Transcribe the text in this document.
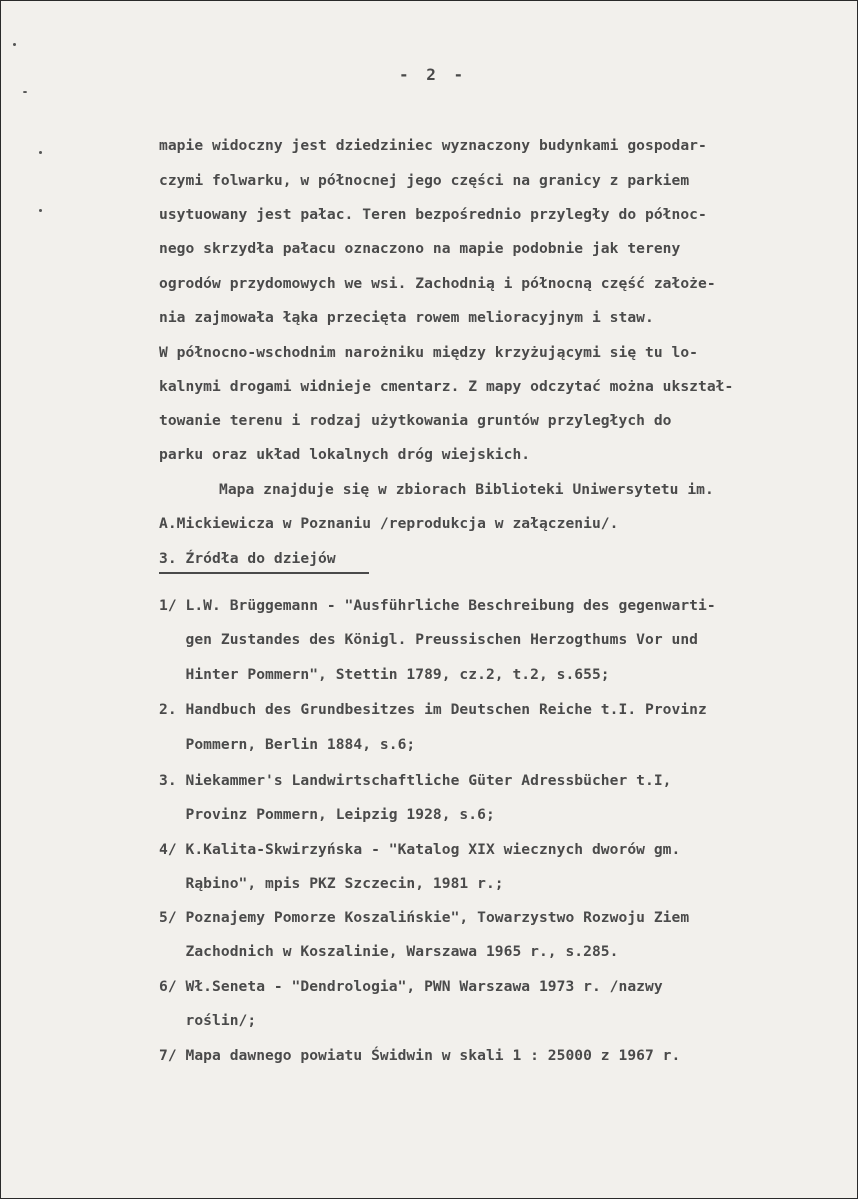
- 2 -
mapie widoczny jest dziedziniec wyznaczony budynkami gospodar-
czymi folwarku, w północnej jego części na granicy z parkiem
usytuowany jest pałac. Teren bezpośrednio przyległy do północ-
nego skrzydła pałacu oznaczono na mapie podobnie jak tereny
ogrodów przydomowych we wsi. Zachodnią i północną część założe-
nia zajmowała łąka przecięta rowem melioracyjnym i staw.
W północno-wschodnim narożniku między krzyżującymi się tu lo-
kalnymi drogami widnieje cmentarz. Z mapy odczytać można ukształ-
towanie terenu i rodzaj użytkowania gruntów przyległych do
parku oraz układ lokalnych dróg wiejskich.
Mapa znajduje się w zbiorach Biblioteki Uniwersytetu im.
A.Mickiewicza w Poznaniu /reprodukcja w załączeniu/.
3. Źródła do dziejów
1/ L.W. Brüggemann - "Ausführliche Beschreibung des gegenwarti-
gen Zustandes des Königl. Preussischen Herzogthums Vor und
Hinter Pommern", Stettin 1789, cz.2, t.2, s.655;
2. Handbuch des Grundbesitzes im Deutschen Reiche t.I. Provinz
Pommern, Berlin 1884, s.6;
3. Niekammer's Landwirtschaftliche Güter Adressbücher t.I,
Provinz Pommern, Leipzig 1928, s.6;
4/ K.Kalita-Skwirzyńska - "Katalog XIX wiecznych dworów gm.
Rąbino", mpis PKZ Szczecin, 1981 r.;
5/ Poznajemy Pomorze Koszalińskie", Towarzystwo Rozwoju Ziem
Zachodnich w Koszalinie, Warszawa 1965 r., s.285.
6/ Wł.Seneta - "Dendrologia", PWN Warszawa 1973 r. /nazwy
roślin/;
7/ Mapa dawnego powiatu Świdwin w skali 1 : 25000 z 1967 r.
